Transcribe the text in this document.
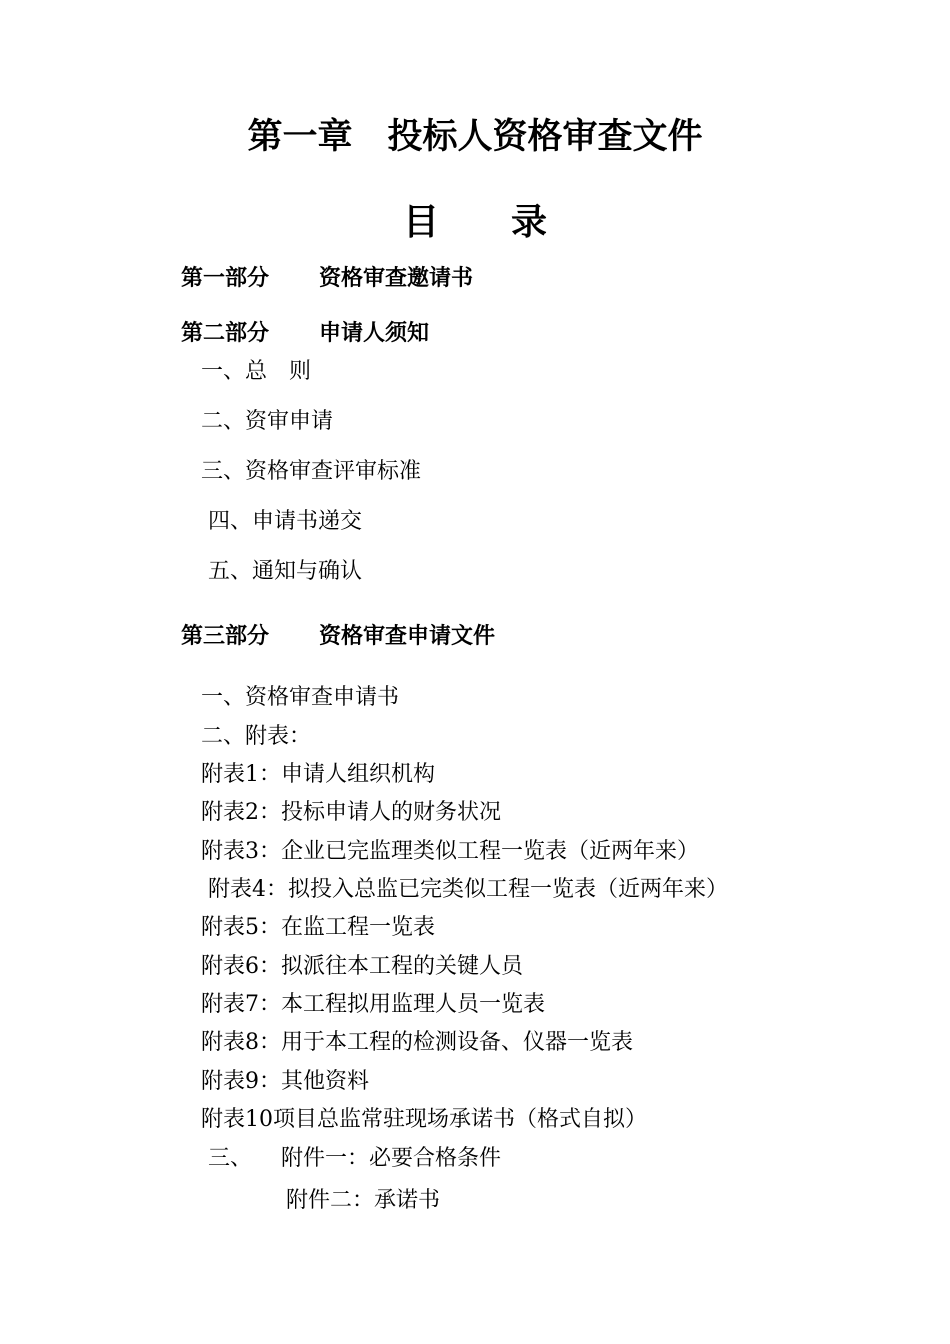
第一章　投标人资格审查文件
目　　录
第一部分 资格审查邀请书
第二部分 申请人须知
一、总　则
二、资审申请
三、资格审查评审标准
四、申请书递交
五、通知与确认
第三部分 资格审查申请文件
一、资格审查申请书
二、附表：
附表1：申请人组织机构
附表2：投标申请人的财务状况
附表3：企业已完监理类似工程一览表（近两年来）
附表4：拟投入总监已完类似工程一览表（近两年来）
附表5：在监工程一览表
附表6：拟派往本工程的关键人员
附表7：本工程拟用监理人员一览表
附表8：用于本工程的检测设备、仪器一览表
附表9：其他资料
附表10项目总监常驻现场承诺书（格式自拟）
三、 附件一：必要合格条件
附件二：承诺书
